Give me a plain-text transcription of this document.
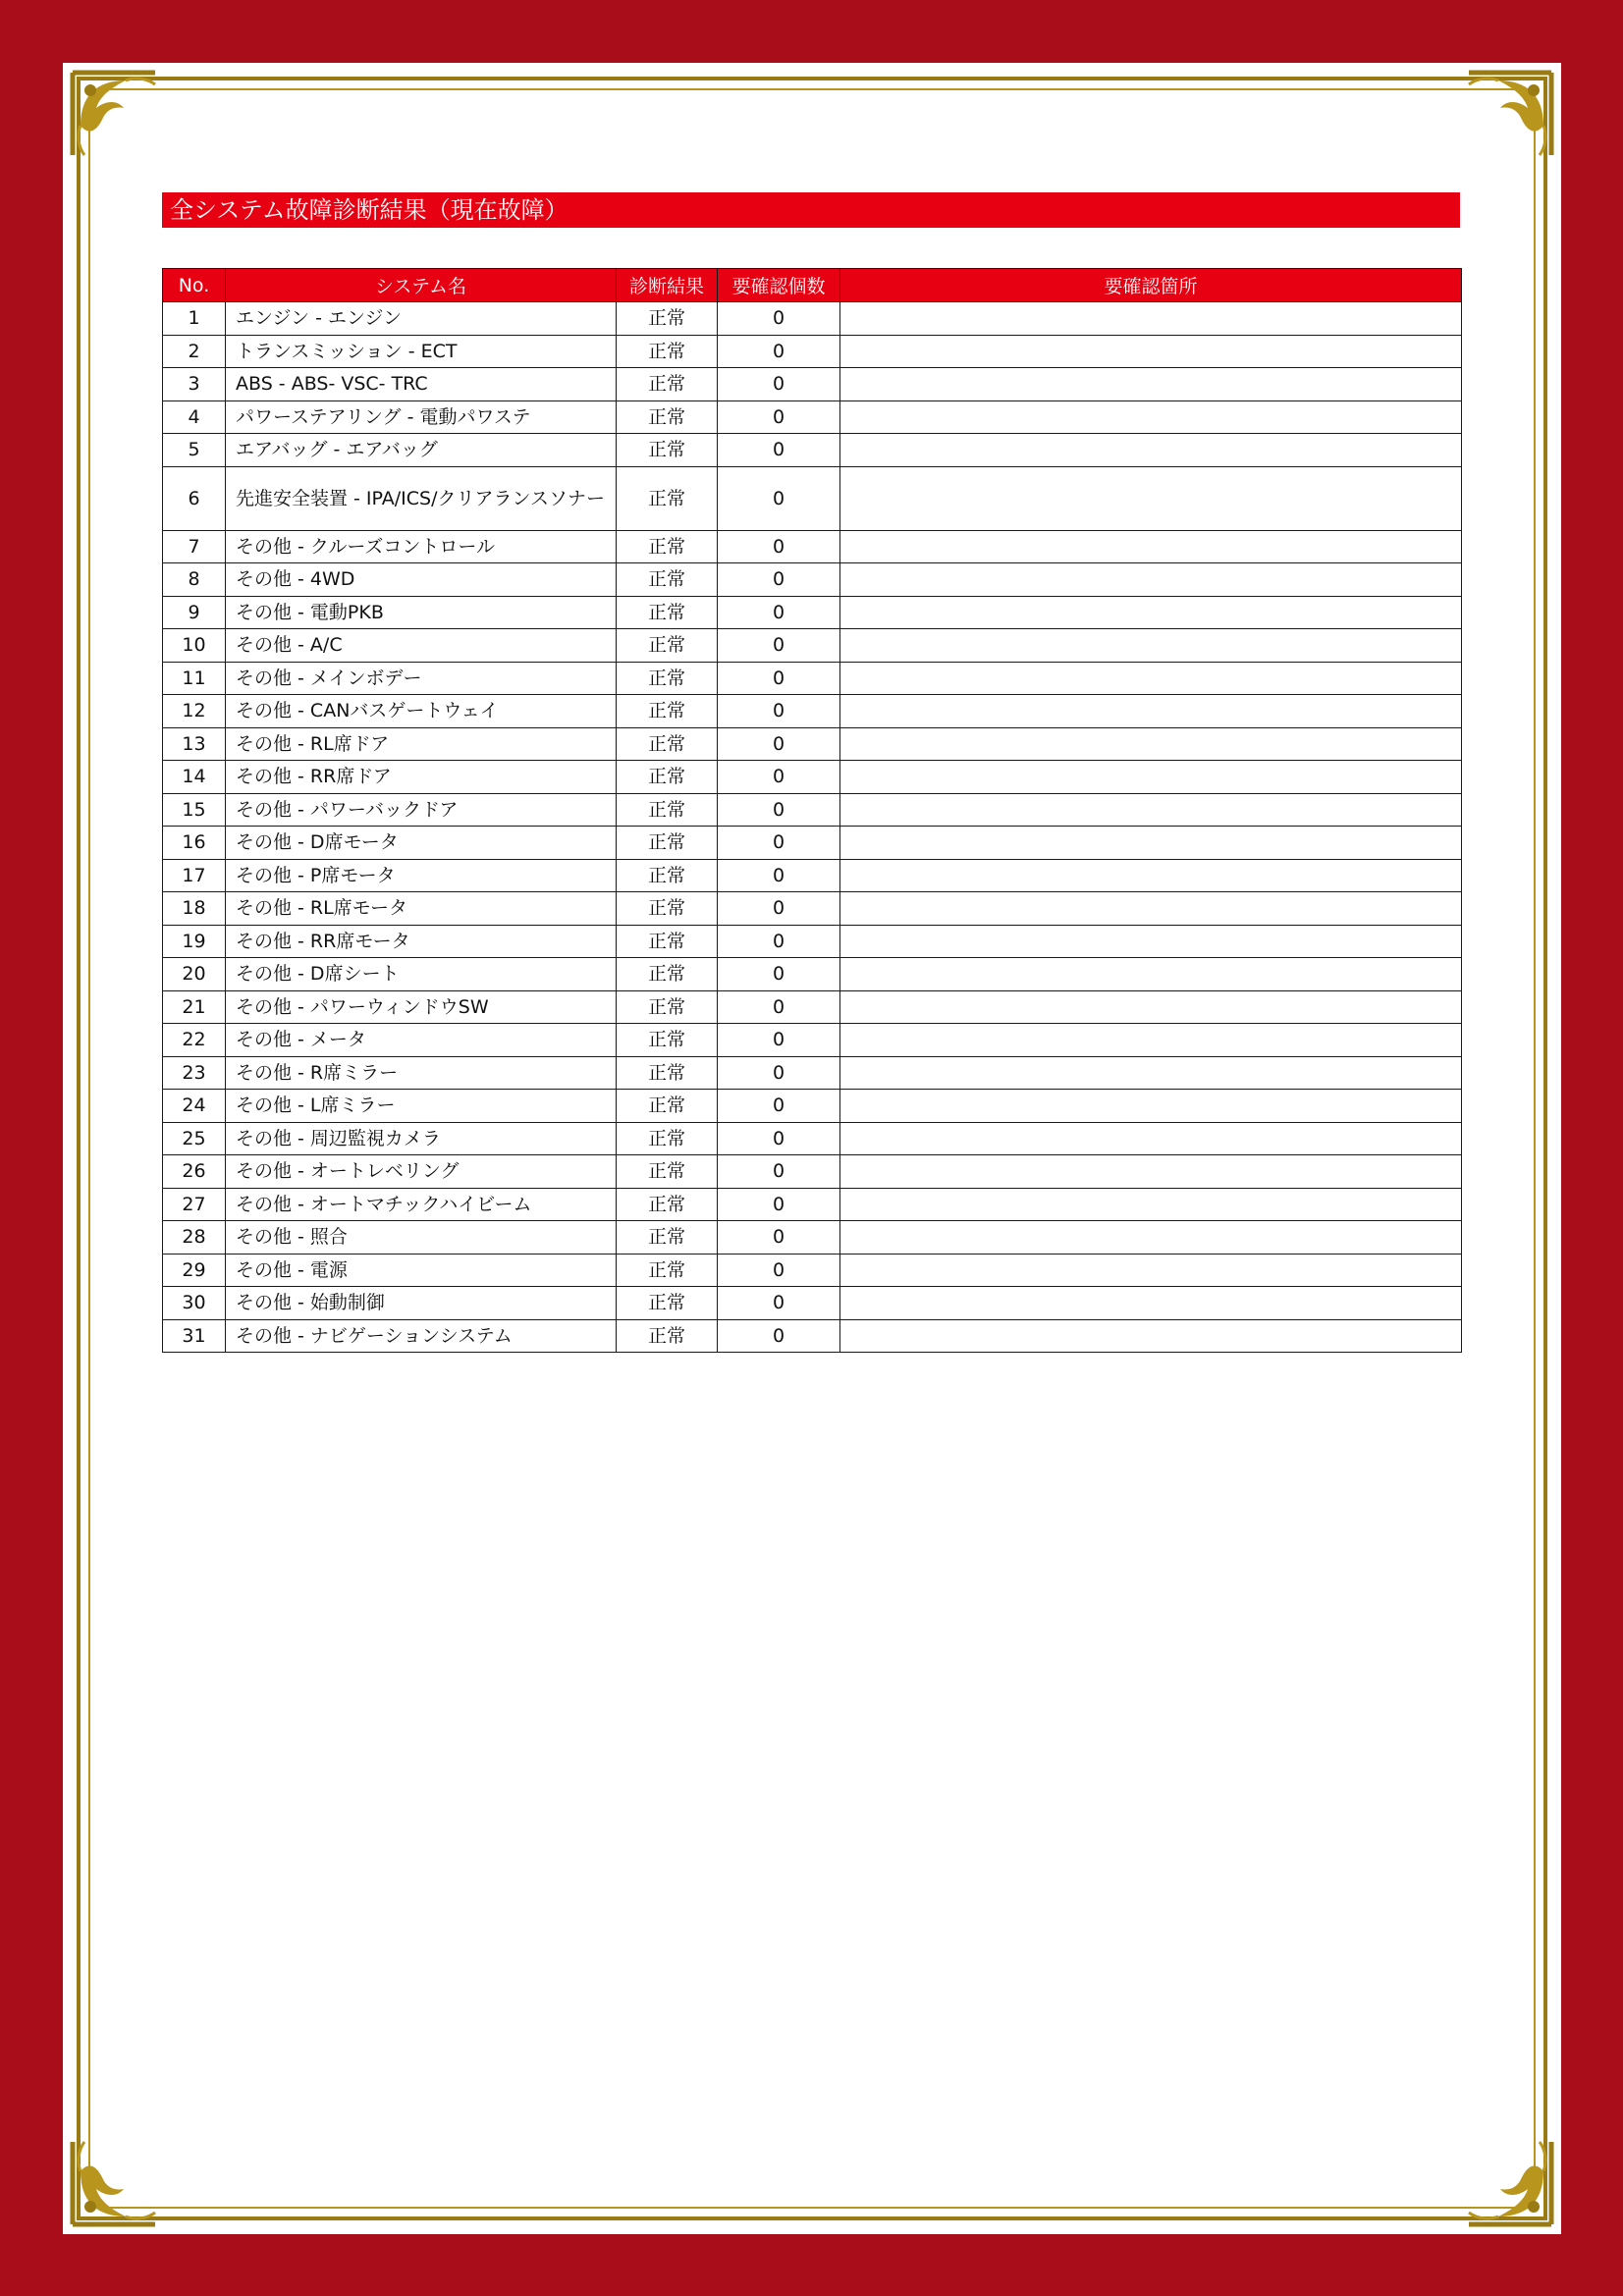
全システム故障診断結果（現在故障）
No.	システム名	診断結果	要確認個数	要確認箇所
1	エンジン - エンジン	正常	0	
2	トランスミッション - ECT	正常	0	
3	ABS - ABS- VSC- TRC	正常	0	
4	パワーステアリング - 電動パワステ	正常	0	
5	エアバッグ - エアバッグ	正常	0	
6	先進安全装置 - IPA/ICS/クリアランスソナー	正常	0	
7	その他 - クルーズコントロール	正常	0	
8	その他 - 4WD	正常	0	
9	その他 - 電動PKB	正常	0	
10	その他 - A/C	正常	0	
11	その他 - メインボデー	正常	0	
12	その他 - CANバスゲートウェイ	正常	0	
13	その他 - RL席ドア	正常	0	
14	その他 - RR席ドア	正常	0	
15	その他 - パワーバックドア	正常	0	
16	その他 - D席モータ	正常	0	
17	その他 - P席モータ	正常	0	
18	その他 - RL席モータ	正常	0	
19	その他 - RR席モータ	正常	0	
20	その他 - D席シート	正常	0	
21	その他 - パワーウィンドウSW	正常	0	
22	その他 - メータ	正常	0	
23	その他 - R席ミラー	正常	0	
24	その他 - L席ミラー	正常	0	
25	その他 - 周辺監視カメラ	正常	0	
26	その他 - オートレベリング	正常	0	
27	その他 - オートマチックハイビーム	正常	0	
28	その他 - 照合	正常	0	
29	その他 - 電源	正常	0	
30	その他 - 始動制御	正常	0	
31	その他 - ナビゲーションシステム	正常	0	
